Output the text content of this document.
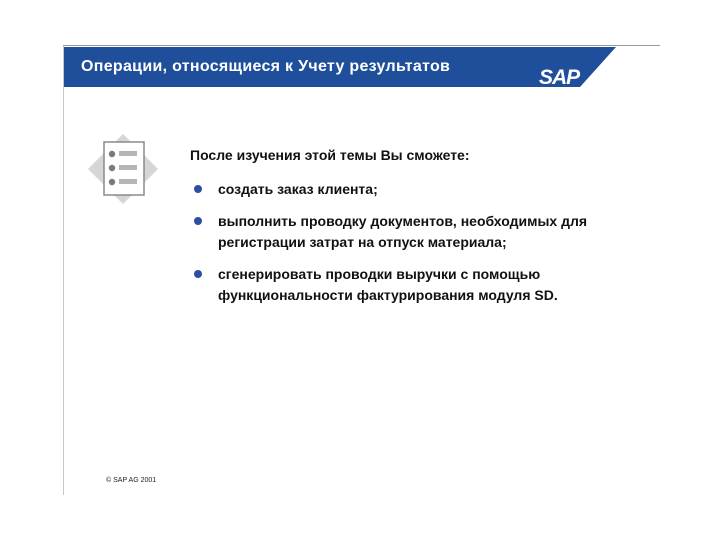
Операции, относящиеся к Учету результатов	SAP
После изучения этой темы Вы сможете:
создать заказ клиента;
выполнить проводку документов, необходимых для регистрации затрат на отпуск материала;
сгенерировать проводки выручки с помощью функциональности фактурирования модуля SD.
© SAP AG 2001
